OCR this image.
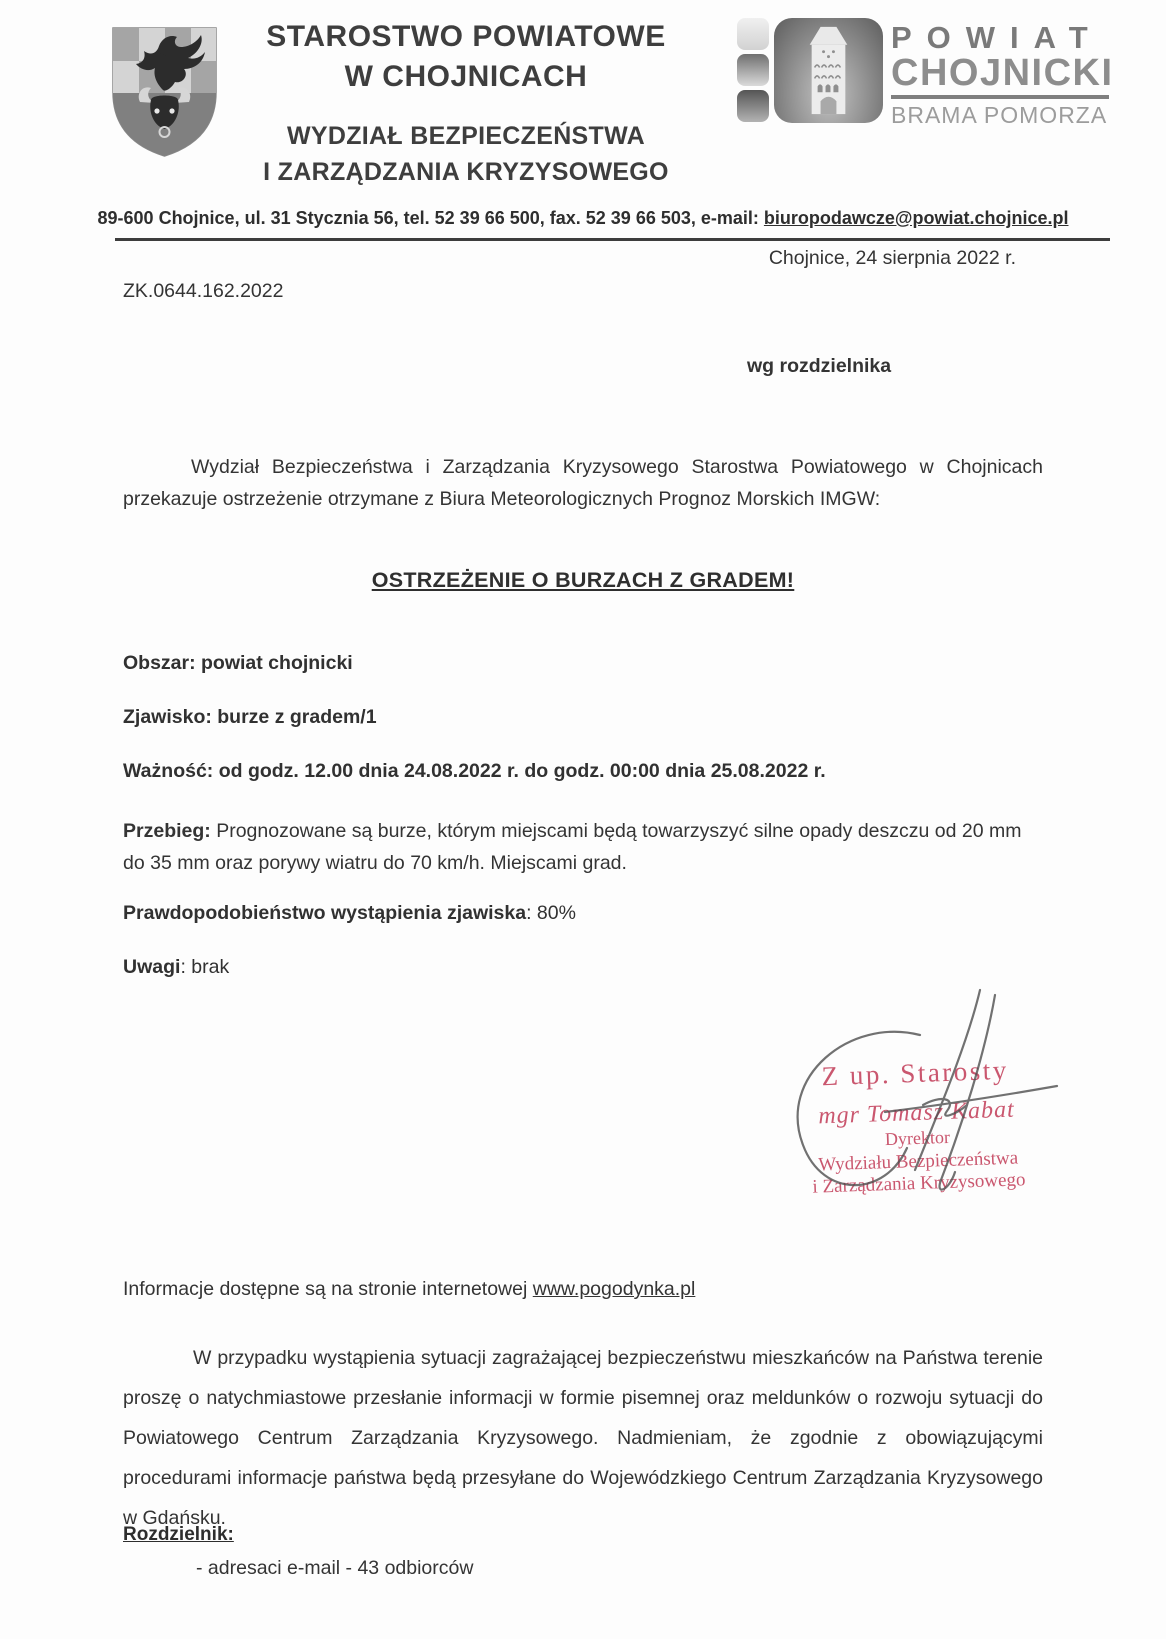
STAROSTWO POWIATOWE
W CHOJNICACH
WYDZIAŁ BEZPIECZEŃSTWA
I ZARZĄDZANIA KRYZYSOWEGO
POWIAT
CHOJNICKI
BRAMA POMORZA
89-600 Chojnice, ul. 31 Stycznia 56, tel. 52 39 66 500, fax. 52 39 66 503, e-mail: biuropodawcze@powiat.chojnice.pl
Chojnice, 24 sierpnia 2022 r.
ZK.0644.162.2022
wg rozdzielnika
Wydział Bezpieczeństwa i Zarządzania Kryzysowego Starostwa Powiatowego w Chojnicach przekazuje ostrzeżenie otrzymane z Biura Meteorologicznych Prognoz Morskich IMGW:
OSTRZEŻENIE O BURZACH Z GRADEM!
Obszar: powiat chojnicki
Zjawisko: burze z gradem/1
Ważność: od godz. 12.00 dnia 24.08.2022 r. do godz. 00:00 dnia 25.08.2022 r.
Przebieg: Prognozowane są burze, którym miejscami będą towarzyszyć silne opady deszczu od 20 mm do 35 mm oraz porywy wiatru do 70 km/h. Miejscami grad.
Prawdopodobieństwo wystąpienia zjawiska: 80%
Uwagi: brak
Z up. Starosty
mgr Tomasz Kabat
Dyrektor
Wydziału Bezpieczeństwa
i Zarządzania Kryzysowego
Informacje dostępne są na stronie internetowej www.pogodynka.pl
W przypadku wystąpienia sytuacji zagrażającej bezpieczeństwu mieszkańców na Państwa terenie proszę o natychmiastowe przesłanie informacji w formie pisemnej oraz meldunków o rozwoju sytuacji do Powiatowego Centrum Zarządzania Kryzysowego. Nadmieniam, że zgodnie z obowiązującymi procedurami informacje państwa będą przesyłane do Wojewódzkiego Centrum Zarządzania Kryzysowego w Gdańsku.
Rozdzielnik:
- adresaci e-mail - 43 odbiorców
